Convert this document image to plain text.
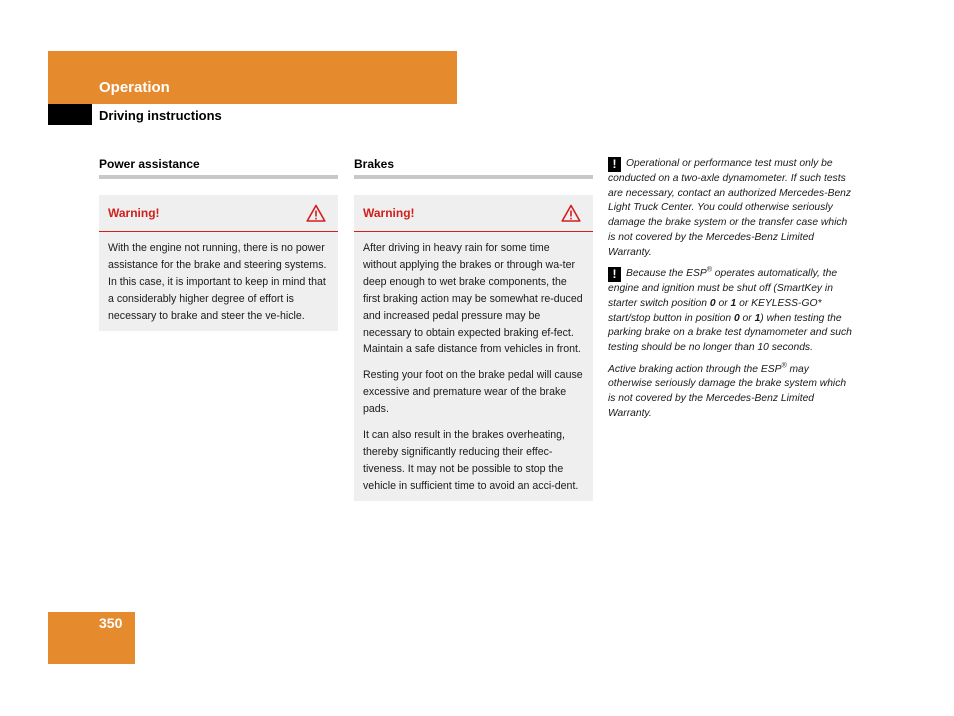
Operation
Driving instructions
Power assistance
Warning!

With the engine not running, there is no power assistance for the brake and steering systems. In this case, it is important to keep in mind that a considerably higher degree of effort is necessary to brake and steer the ve-hicle.

Brakes
Warning!

After driving in heavy rain for some time without applying the brakes or through wa-ter deep enough to wet brake components, the first braking action may be somewhat re-duced and increased pedal pressure may be necessary to obtain expected braking ef-fect. Maintain a safe distance from vehicles in front.

Resting your foot on the brake pedal will cause excessive and premature wear of the brake pads.

It can also result in the brakes overheating, thereby significantly reducing their effec-tiveness. It may not be possible to stop the vehicle in sufficient time to avoid an acci-dent.

! Operational or performance test must only be conducted on a two-axle dynamometer. If such tests are necessary, contact an authorized Mercedes-Benz Light Truck Center. You could otherwise seriously damage the brake system or the transfer case which is not covered by the Mercedes-Benz Limited Warranty.

! Because the ESP® operates automatically, the engine and ignition must be shut off (SmartKey in starter switch position 0 or 1 or KEYLESS-GO* start/stop button in position 0 or 1) when testing the parking brake on a brake test dynamometer and such testing should be no longer than 10 seconds.

Active braking action through the ESP® may otherwise seriously damage the brake system which is not covered by the Mercedes-Benz Limited Warranty.

350
